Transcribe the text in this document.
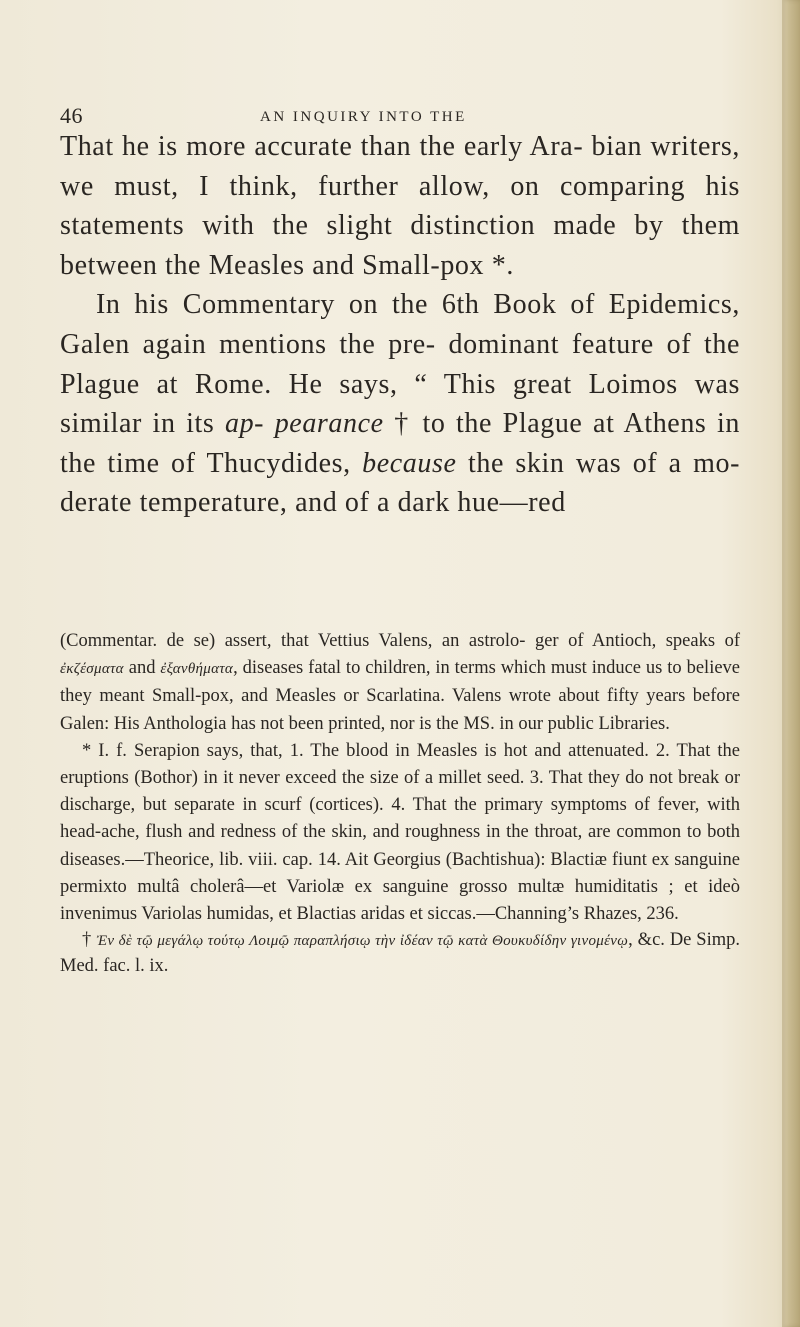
46	AN INQUIRY INTO THE

That he is more accurate than the early Ara- bian writers, we must, I think, further allow, on comparing his statements with the slight distinction made by them between the Measles and Small-pox *.

In his Commentary on the 6th Book of Epidemics, Galen again mentions the pre- dominant feature of the Plague at Rome. He says, “ This great Loimos was similar in its ap- pearance † to the Plague at Athens in the time of Thucydides, because the skin was of a mo- derate temperature, and of a dark hue—red

(Commentar. de se) assert, that Vettius Valens, an astrolo- ger of Antioch, speaks of ἐκζέσματα and ἐξανθήματα, diseases fatal to children, in terms which must induce us to believe they meant Small-pox, and Measles or Scarlatina. Valens wrote about fifty years before Galen: His Anthologia has not been printed, nor is the MS. in our public Libraries.

* I. f. Serapion says, that, 1. The blood in Measles is hot and attenuated. 2. That the eruptions (Bothor) in it never exceed the size of a millet seed. 3. That they do not break or discharge, but separate in scurf (cortices). 4. That the primary symptoms of fever, with head-ache, flush and redness of the skin, and roughness in the throat, are common to both diseases.—Theorice, lib. viii. cap. 14. Ait Georgius (Bachtishua): Blactiæ fiunt ex sanguine permixto multâ cholerâ—et Variolæ ex sanguine grosso multæ humiditatis ; et ideò invenimus Variolas humidas, et Blactias aridas et siccas.—Channing’s Rhazes, 236.

† Ἐν δὲ τῷ μεγάλῳ τούτῳ Λοιμῷ παραπλήσιῳ τὴν ἰδέαν τῷ κατὰ Θουκυδίδην γινομένῳ, &c. De Simp. Med. fac. l. ix.
